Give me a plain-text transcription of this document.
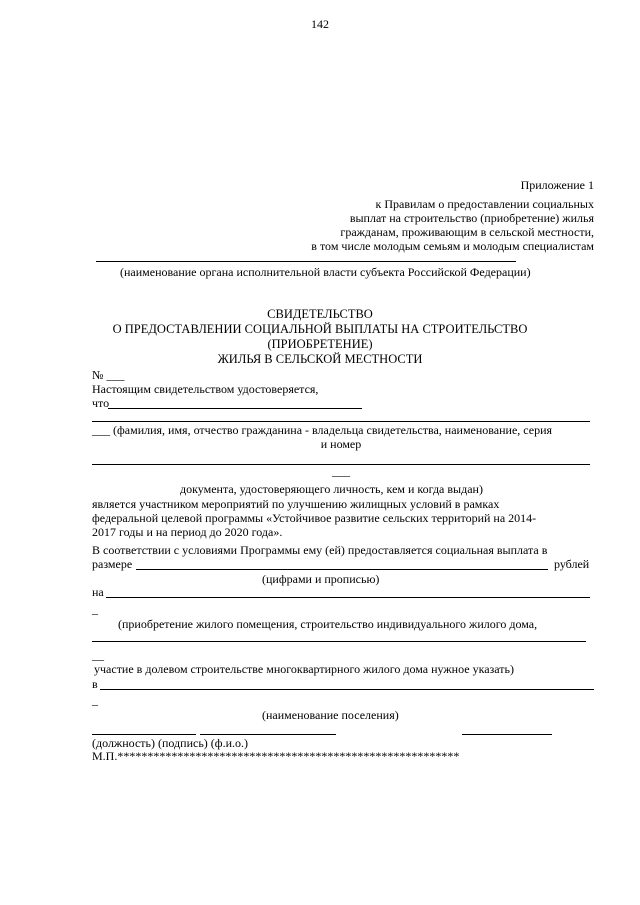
142
Приложение 1
к Правилам о предоставлении социальных
выплат на строительство (приобретение) жилья
гражданам, проживающим в сельской местности,
в том числе молодым семьям и молодым специалистам
(наименование органа исполнительной власти субъекта Российской Федерации)
СВИДЕТЕЛЬСТВО
О ПРЕДОСТАВЛЕНИИ СОЦИАЛЬНОЙ ВЫПЛАТЫ НА СТРОИТЕЛЬСТВО
(ПРИОБРЕТЕНИЕ)
ЖИЛЬЯ В СЕЛЬСКОЙ МЕСТНОСТИ
№ ___
Настоящим свидетельством удостоверяется,
что
___ (фамилия, имя, отчество гражданина - владельца свидетельства, наименование, серия
и номер
___
документа, удостоверяющего личность, кем и когда выдан)
является участником мероприятий по улучшению жилищных условий в рамках
федеральной целевой программы «Устойчивое развитие сельских территорий на 2014-
2017 годы и на период до 2020 года».
В соответствии с условиями Программы ему (ей) предоставляется социальная выплата в
размере	рублей
(цифрами и прописью)
на
_
(приобретение жилого помещения, строительство индивидуального жилого дома,
__
участие в долевом строительстве многоквартирного жилого дома нужное указать)
в
_
(наименование поселения)
(должность) (подпись) (ф.и.о.)
М.П.*********************************************************
